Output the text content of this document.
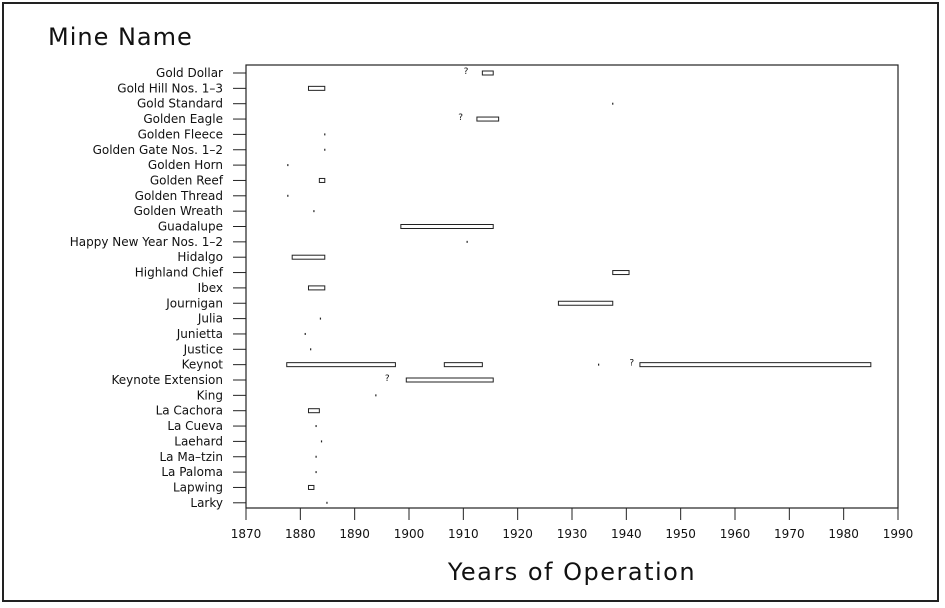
Mine Name
Gold Dollar
Gold Hill Nos. 1–3
Gold Standard
Golden Eagle
Golden Fleece
Golden Gate Nos. 1–2
Golden Horn
Golden Reef
Golden Thread
Golden Wreath
Guadalupe
Happy New Year Nos. 1–2
Hidalgo
Highland Chief
Ibex
Journigan
Julia
Junietta
Justice
Keynot
Keynote Extension
King
La Cachora
La Cueva
Laehard
La Ma–tzin
La Paloma
Lapwing
Larky
?
?
?
?
1870 1880 1890 1900 1910 1920 1930 1940 1950 1960 1970 1980 1990
Years of Operation
